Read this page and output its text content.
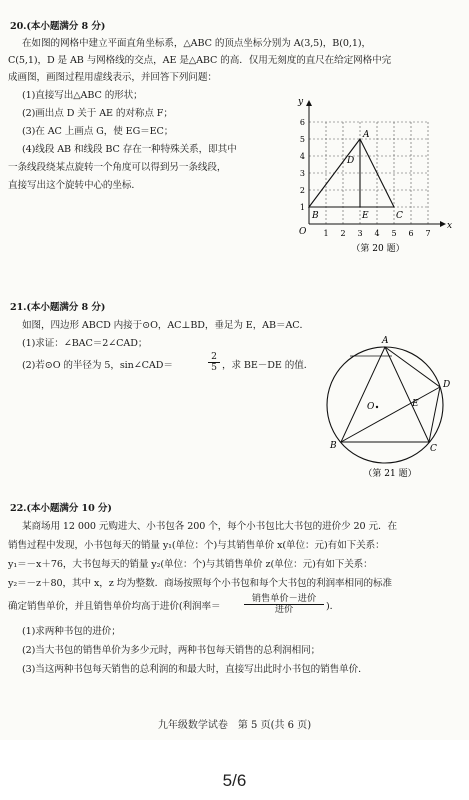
20.(本小题满分 8 分)
在如图的网格中建立平面直角坐标系，△ABC 的顶点坐标分别为 A(3,5)，B(0,1)，
C(5,1)，D 是 AB 与网格线的交点，AE 是△ABC 的高．仅用无刻度的直尺在给定网格中完
成画图，画图过程用虚线表示，并回答下列问题：
(1)直接写出△ABC 的形状；
(2)画出点 D 关于 AE 的对称点 F；
(3)在 AC 上画点 G，使 EG＝EC；
(4)线段 AB 和线段 BC 存在一种特殊关系，即其中
一条线段绕某点旋转一个角度可以得到另一条线段，
直接写出这个旋转中心的坐标．
x
y
O 1 2 3 4 5 6 7
1
2
3
4
5
6
A
B	C
D
E
（第 20 题）
21.(本小题满分 8 分)
如图，四边形 ABCD 内接于⊙O，AC⊥BD，垂足为 E，AB＝AC．
(1)求证：∠BAC＝2∠CAD；
(2)若⊙O 的半径为 5，sin∠CAD＝	$\frac{2}{5}$ ，求 BE－DE 的值．
A
B	C
D
E
O
（第 21 题）
22.(本小题满分 10 分)
某商场用 12 000 元购进大、小书包各 200 个，每个小书包比大书包的进价少 20 元．在
销售过程中发现，小书包每天的销量 y₁(单位：个)与其销售单价 x(单位：元)有如下关系：
y₁＝－x＋76，大书包每天的销量 y₂(单位：个)与其销售单价 z(单位：元)有如下关系：
y₂＝－z＋80，其中 x，z 均为整数．商场按照每个小书包和每个大书包的利润率相同的标准
确定销售单价，并且销售单价均高于进价(利润率＝
销售单价－进价
进价	)．
(1)求两种书包的进价；
(2)当大书包的销售单价为多少元时，两种书包每天销售的总利润相同；
(3)当这两种书包每天销售的总利润的和最大时，直接写出此时小书包的销售单价．
九年级数学试卷　第 5 页(共 6 页)
5/6
